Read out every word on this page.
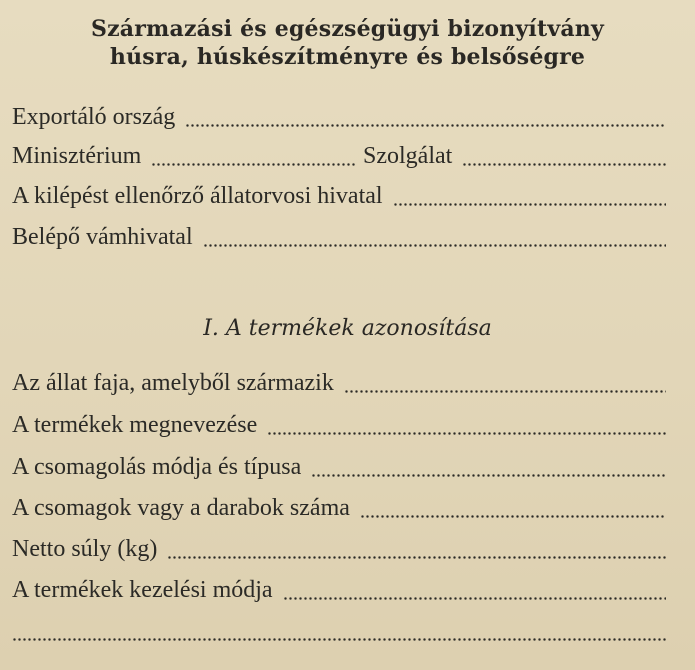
Származási és egészségügyi bizonyítvány
húsra, húskészítményre és belsőségre
Exportáló ország
Minisztérium	Szolgálat
A kilépést ellenőrző állatorvosi hivatal
Belépő vámhivatal
I. A termékek azonosítása
Az állat faja, amelyből származik
A termékek megnevezése
A csomagolás módja és típusa
A csomagok vagy a darabok száma
Netto súly (kg)
A termékek kezelési módja
